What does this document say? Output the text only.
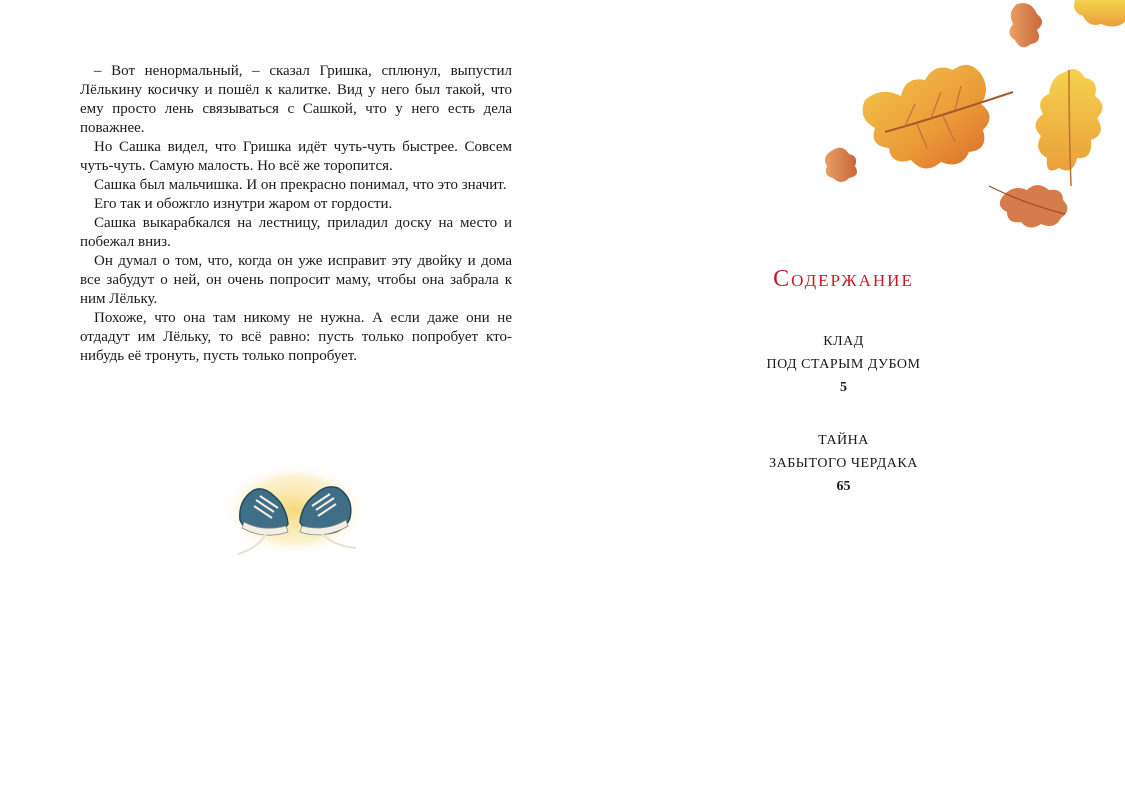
– Вот ненормальный, – сказал Гришка, сплюнул, выпустил Лёлькину косичку и пошёл к калитке. Вид у него был такой, что ему просто лень связываться с Сашкой, что у него есть дела поважнее.

Но Сашка видел, что Гришка идёт чуть-чуть быстрее. Совсем чуть-чуть. Самую малость. Но всё же торопится.

Сашка был мальчишка. И он прекрасно понимал, что это значит.

Его так и обожгло изнутри жаром от гордости.

Сашка выкарабкался на лестницу, приладил доску на место и побежал вниз.

Он думал о том, что, когда он уже исправит эту двойку и дома все забудут о ней, он очень попросит маму, чтобы она забрала к ним Лёльку.

Похоже, что она там никому не нужна. А если даже они не отдадут им Лёльку, то всё равно: пусть только попробует кто-нибудь её тронуть, пусть только попробует.

Содержание
КЛАД
ПОД СТАРЫМ ДУБОМ
5
ТАЙНА
ЗАБЫТОГО ЧЕРДАКА
65
